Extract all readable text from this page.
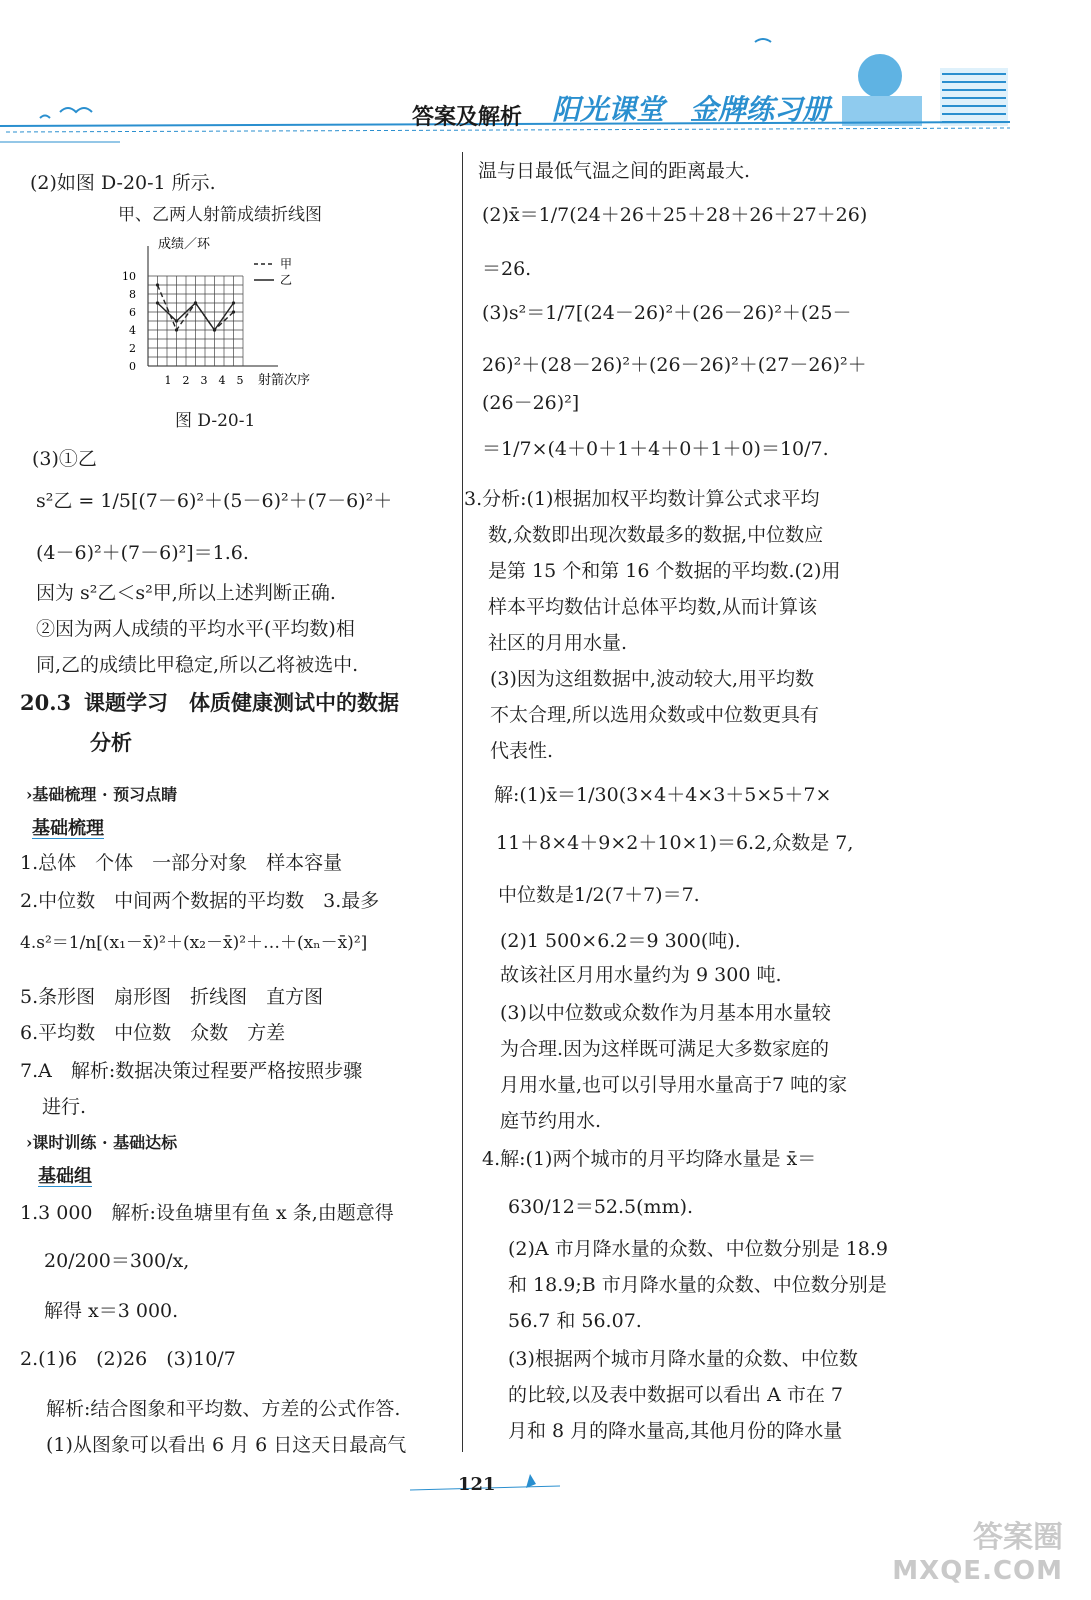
答案及解析 阳光课堂 金牌练习册
(2)如图 D-20-1 所示.
甲、乙两人射箭成绩折线图
成绩／环
0
2
4
6
8
10
1 2 3 4 5
甲
乙
射箭次序
图 D-20-1
(3)①乙
s²乙 = 1/5[(7－6)²＋(5－6)²＋(7－6)²＋
(4－6)²＋(7－6)²]＝1.6.
因为 s²乙＜s²甲,所以上述判断正确.
②因为两人成绩的平均水平(平均数)相
同,乙的成绩比甲稳定,所以乙将被选中.
20.3 课题学习　体质健康测试中的数据
分析
›基础梳理 · 预习点睛
基础梳理
1.总体　个体　一部分对象　样本容量
2.中位数　中间两个数据的平均数　3.最多
4.s²＝1/n[(x₁－x̄)²＋(x₂－x̄)²＋…＋(xₙ－x̄)²]
5.条形图　扇形图　折线图　直方图
6.平均数　中位数　众数　方差
7.A　解析:数据决策过程要严格按照步骤
进行.
›课时训练 · 基础达标
基础组
1.3 000　解析:设鱼塘里有鱼 x 条,由题意得
20/200＝300/x,
解得 x＝3 000.
2.(1)6　(2)26　(3)10/7
解析:结合图象和平均数、方差的公式作答.
(1)从图象可以看出 6 月 6 日这天日最高气
温与日最低气温之间的距离最大.
(2)x̄＝1/7(24＋26＋25＋28＋26＋27＋26)
＝26.
(3)s²＝1/7[(24－26)²＋(26－26)²＋(25－
26)²＋(28－26)²＋(26－26)²＋(27－26)²＋
(26－26)²]
＝1/7×(4＋0＋1＋4＋0＋1＋0)＝10/7.
3.分析:(1)根据加权平均数计算公式求平均
数,众数即出现次数最多的数据,中位数应
是第 15 个和第 16 个数据的平均数.(2)用
样本平均数估计总体平均数,从而计算该
社区的月用水量.
(3)因为这组数据中,波动较大,用平均数
不太合理,所以选用众数或中位数更具有
代表性.
解:(1)x̄＝1/30(3×4＋4×3＋5×5＋7×
11＋8×4＋9×2＋10×1)＝6.2,众数是 7,
中位数是1/2(7＋7)＝7.
(2)1 500×6.2＝9 300(吨).
故该社区月用水量约为 9 300 吨.
(3)以中位数或众数作为月基本用水量较
为合理.因为这样既可满足大多数家庭的
月用水量,也可以引导用水量高于7 吨的家
庭节约用水.
4.解:(1)两个城市的月平均降水量是 x̄＝
630/12＝52.5(mm).
(2)A 市月降水量的众数、中位数分别是 18.9
和 18.9;B 市月降水量的众数、中位数分别是
56.7 和 56.07.
(3)根据两个城市月降水量的众数、中位数
的比较,以及表中数据可以看出 A 市在 7
月和 8 月的降水量高,其他月份的降水量
121
答案圈
MXQE.COM
